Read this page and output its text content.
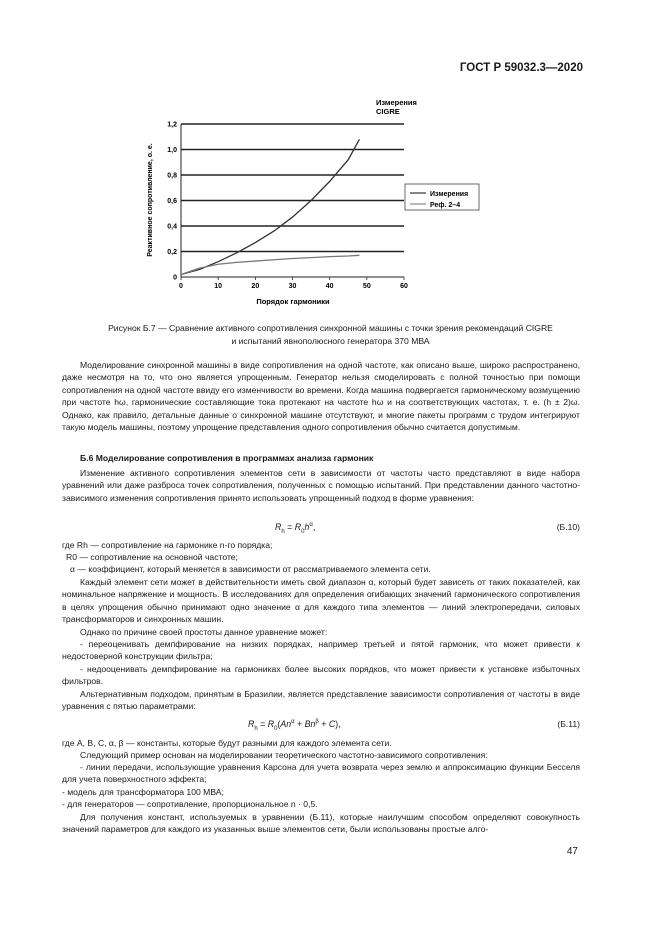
ГОСТ Р 59032.3—2020
0
0,2
0,4
0,6
0,8
1,0
1,2
0	10	20	30	40	50	60
Измерения CIGRE
Порядок гармоники
Реактивное сопротивление, о. е.	Измерения
Реф. 2–4
Рисунок Б.7 — Сравнение активного сопротивления синхронной машины с точки зрения рекомендаций CIGRE
и испытаний явнополюсного генератора 370 МВА
Моделирование синхронной машины в виде сопротивления на одной частоте, как описано выше, широко распространено, даже несмотря на то, что оно является упрощенным. Генератор нельзя смоделировать с полной точностью при помощи сопротивления на одной частоте ввиду его изменчивости во времени. Когда машина подвергается гармоническому возмущению при частоте hω, гармонические составляющие тока протекают на частоте hω и на соответствующих частотах, т. е. (h ± 2)ω. Однако, как правило, детальные данные о синхронной машине отсутствуют, и многие пакеты программ с трудом интегрируют такую модель машины, поэтому упрощение представления одного сопротивления обычно считается допустимым.
Б.6 Моделирование сопротивления в программах анализа гармоник
Изменение активного сопротивления элементов сети в зависимости от частоты часто представляют в виде набора уравнений или даже разброса точек сопротивления, полученных с помощью испытаний. При представлении данного частотно-зависимого изменения сопротивления принято использовать упрощенный подход в форме уравнения:
$R_h = R_0h^\alpha$,	(Б.10)
где Rh — сопротивление на гармонике n-го порядка;
R0 — сопротивление на основной частоте;
α — коэффициент, который меняется в зависимости от рассматриваемого элемента сети.
Каждый элемент сети может в действительности иметь свой диапазон α, который будет зависеть от таких показателей, как номинальное напряжение и мощность. В исследованиях для определения огибающих значений гармонического сопротивления в целях упрощения обычно принимают одно значение α для каждого типа элементов — линий электропередачи, силовых трансформаторов и синхронных машин.
Однако по причине своей простоты данное уравнение может:
- переоценивать демпфирование на низких порядках, например третьей и пятой гармоник, что может привести к недостоверной конструкции фильтра;
- недооценивать демпфирование на гармониках более высоких порядков, что может привести к установке избыточных фильтров.
Альтернативным подходом, принятым в Бразилии, является представление зависимости сопротивления от частоты в виде уравнения с пятью параметрами:
$R_h = R_0(An^\alpha + Bn^\beta + C)$,	(Б.11)
где A, B, C, α, β — константы, которые будут разными для каждого элемента сети.
Следующий пример основан на моделировании теоретического частотно-зависимого сопротивления:
- линии передачи, использующие уравнения Карсона для учета возврата через землю и аппроксимацию функции Бесселя для учета поверхностного эффекта;
- модель для трансформатора 100 МВА;
- для генераторов — сопротивление, пропорциональное n · 0,5.
Для получения констант, используемых в уравнении (Б.11), которые наилучшим способом определяют совокупность значений параметров для каждого из указанных выше элементов сети, были использованы простые алго-
47
